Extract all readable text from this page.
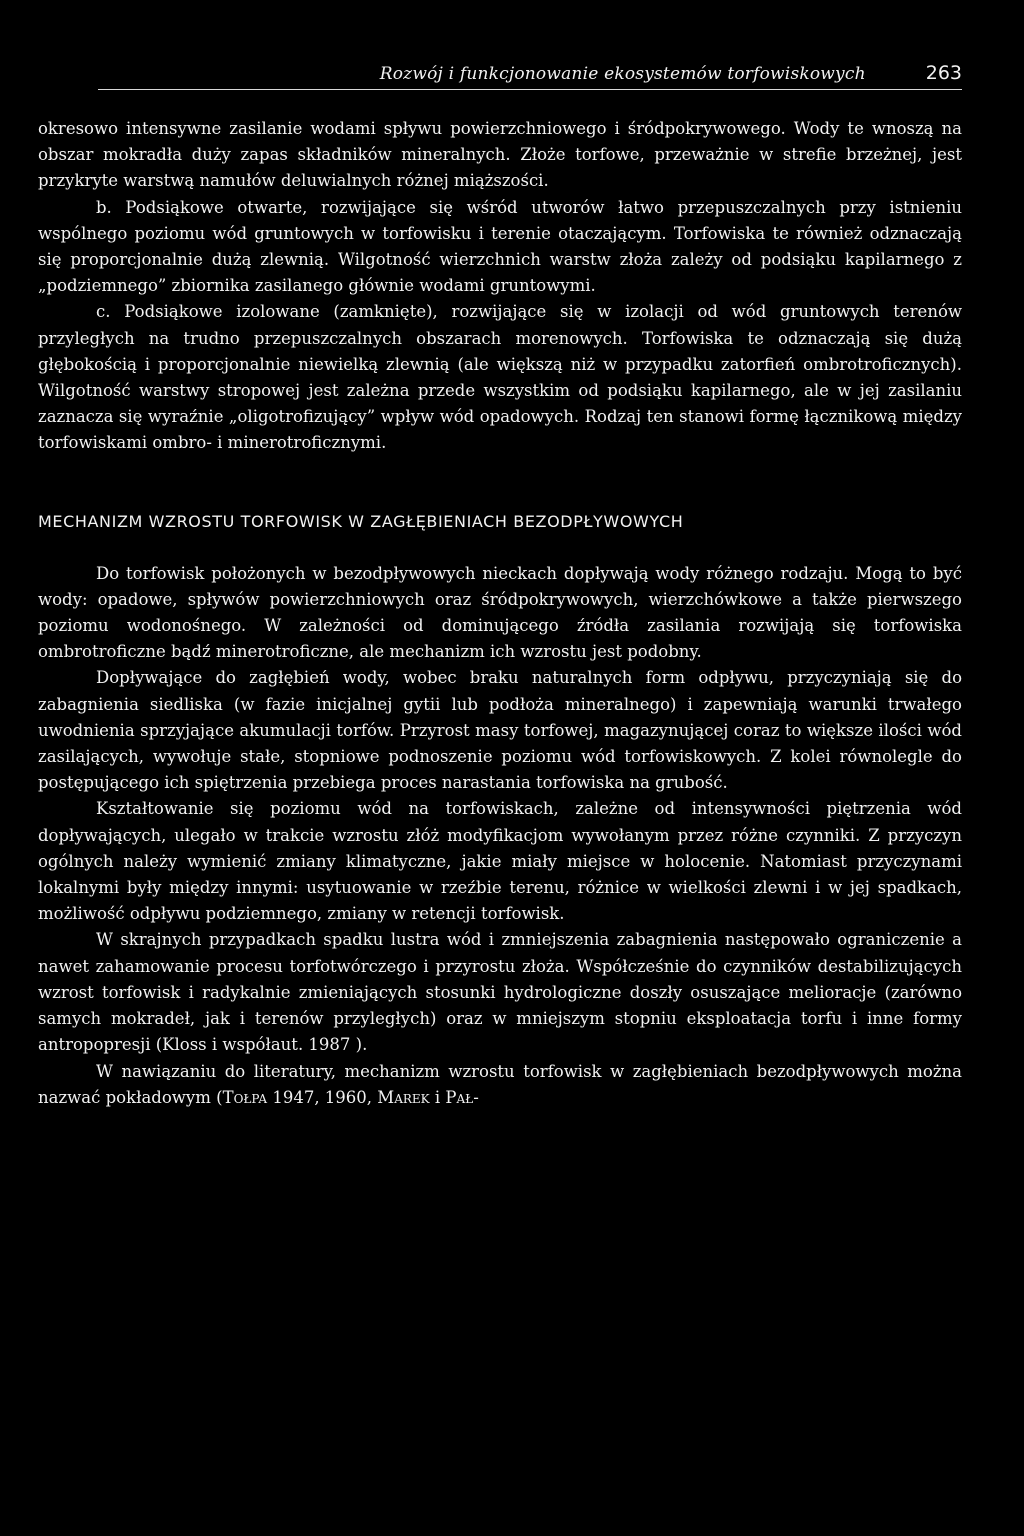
Rozwój i funkcjonowanie ekosystemów torfowiskowych	263

okresowo intensywne zasilanie wodami spływu powierzchniowego i śródpokrywowego. Wody te wnoszą na obszar mokradła duży zapas składników mineralnych. Złoże torfowe, przeważnie w strefie brzeżnej, jest przykryte warstwą namułów deluwialnych różnej miąższości.

b. Podsiąkowe otwarte, rozwijające się wśród utworów łatwo przepuszczalnych przy istnieniu wspólnego poziomu wód gruntowych w torfowisku i terenie otaczającym. Torfowiska te również odznaczają się proporcjonalnie dużą zlewnią. Wilgotność wierzchnich warstw złoża zależy od podsiąku kapilarnego z „podziemnego” zbiornika zasilanego głównie wodami gruntowymi.

c. Podsiąkowe izolowane (zamknięte), rozwijające się w izolacji od wód gruntowych terenów przyległych na trudno przepuszczalnych obszarach morenowych. Torfowiska te odznaczają się dużą głębokością i proporcjonalnie niewielką zlewnią (ale większą niż w przypadku zatorfień ombrotroficznych). Wilgotność warstwy stropowej jest zależna przede wszystkim od podsiąku kapilarnego, ale w jej zasilaniu zaznacza się wyraźnie „oligotrofizujący” wpływ wód opadowych. Rodzaj ten stanowi formę łącznikową między torfowiskami ombro- i minerotroficznymi.

MECHANIZM WZROSTU TORFOWISK W ZAGŁĘBIENIACH BEZODPŁYWOWYCH

Do torfowisk położonych w bezodpływowych nieckach dopływają wody różnego rodzaju. Mogą to być wody: opadowe, spływów powierzchniowych oraz śródpokrywowych, wierzchówkowe a także pierwszego poziomu wodonośnego. W zależności od dominującego źródła zasilania rozwijają się torfowiska ombrotroficzne bądź minerotroficzne, ale mechanizm ich wzrostu jest podobny.

Dopływające do zagłębień wody, wobec braku naturalnych form odpływu, przyczyniają się do zabagnienia siedliska (w fazie inicjalnej gytii lub podłoża mineralnego) i zapewniają warunki trwałego uwodnienia sprzyjające akumulacji torfów. Przyrost masy torfowej, magazynującej coraz to większe ilości wód zasilających, wywołuje stałe, stopniowe podnoszenie poziomu wód torfowiskowych. Z kolei równolegle do postępującego ich spiętrzenia przebiega proces narastania torfowiska na grubość.

Kształtowanie się poziomu wód na torfowiskach, zależne od intensywności piętrzenia wód dopływających, ulegało w trakcie wzrostu złóż modyfikacjom wywołanym przez różne czynniki. Z przyczyn ogólnych należy wymienić zmiany klimatyczne, jakie miały miejsce w holocenie. Natomiast przyczynami lokalnymi były między innymi: usytuowanie w rzeźbie terenu, różnice w wielkości zlewni i w jej spadkach, możliwość odpływu podziemnego, zmiany w retencji torfowisk.

W skrajnych przypadkach spadku lustra wód i zmniejszenia zabagnienia następowało ograniczenie a nawet zahamowanie procesu torfotwórczego i przyrostu złoża. Współcześnie do czynników destabilizujących wzrost torfowisk i radykalnie zmieniających stosunki hydrologiczne doszły osuszające melioracje (zarówno samych mokradeł, jak i terenów przyległych) oraz w mniejszym stopniu eksploatacja torfu i inne formy antropopresji (Kloss i współaut. 1987 ).

W nawiązaniu do literatury, mechanizm wzrostu torfowisk w zagłębieniach bezodpływowych można nazwać pokładowym (Tołpa 1947, 1960, Marek i Pał-
